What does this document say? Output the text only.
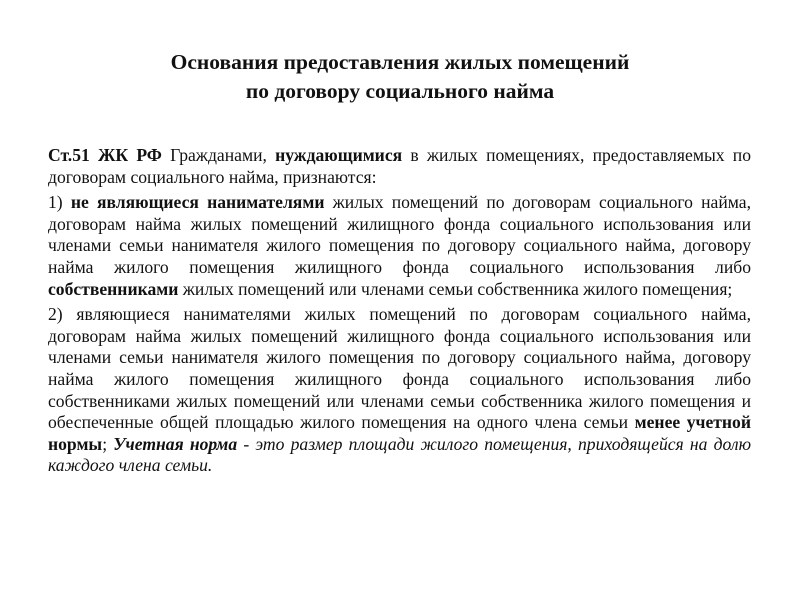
Основания предоставления жилых помещений
по договору социального найма

Ст.51 ЖК РФ Гражданами, нуждающимися в жилых помещениях, предоставляемых по договорам социального найма, признаются:

1) не являющиеся нанимателями жилых помещений по договорам социального найма, договорам найма жилых помещений жилищного фонда социального использования или членами семьи нанимателя жилого помещения по договору социального найма, договору найма жилого помещения жилищного фонда социального использования либо собственниками жилых помещений или членами семьи собственника жилого помещения;

2) являющиеся нанимателями жилых помещений по договорам социального найма, договорам найма жилых помещений жилищного фонда социального использования или членами семьи нанимателя жилого помещения по договору социального найма, договору найма жилого помещения жилищного фонда социального использования либо собственниками жилых помещений или членами семьи собственника жилого помещения и обеспеченные общей площадью жилого помещения на одного члена семьи менее учетной нормы; Учетная норма - это размер площади жилого помещения, приходящейся на долю каждого члена семьи.
